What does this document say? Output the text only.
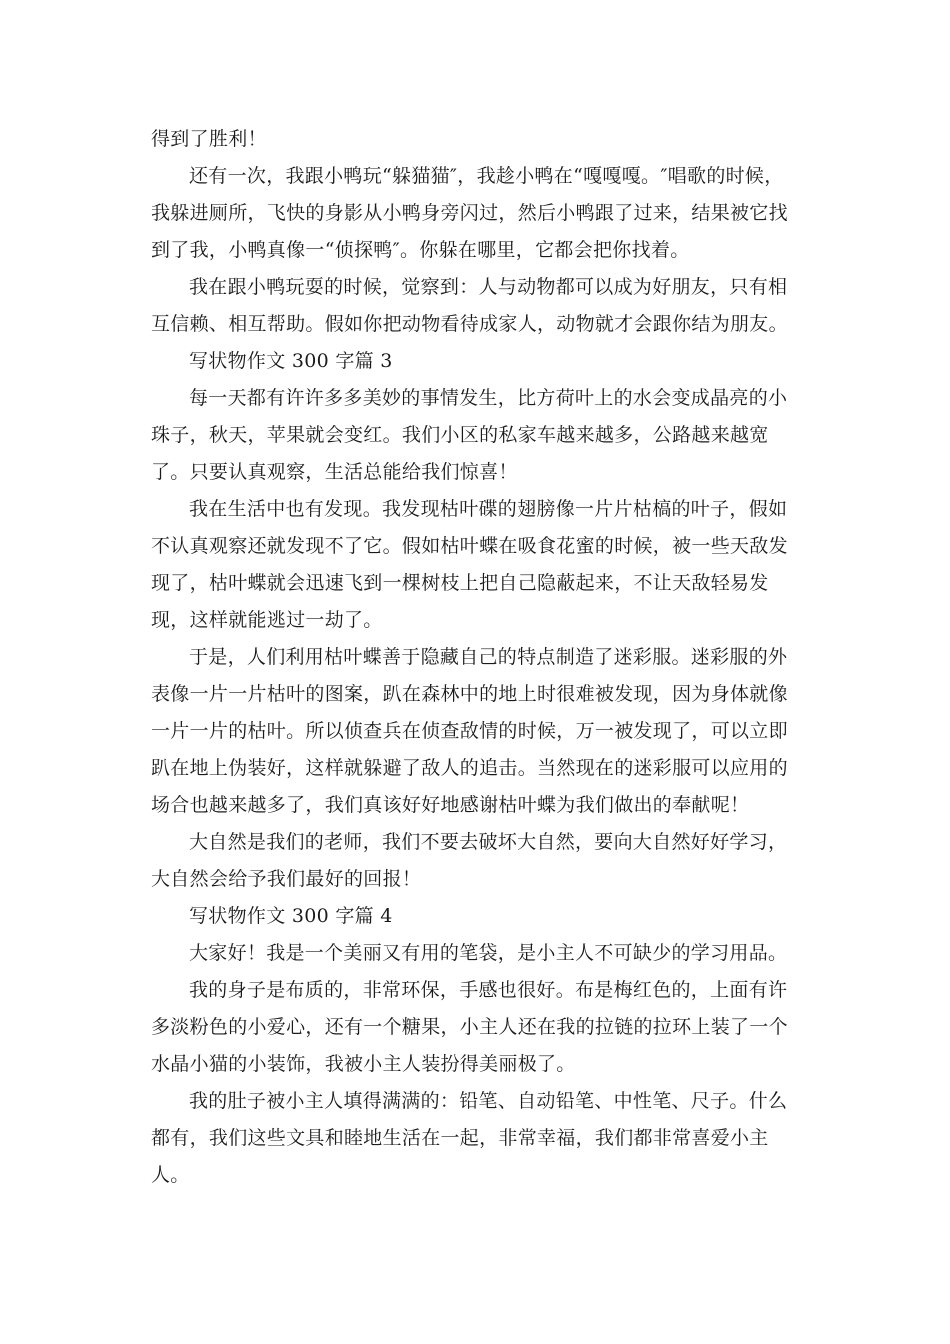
得到了胜利！

还有一次，我跟小鸭玩“躲猫猫″，我趁小鸭在“嘎嘎嘎。″唱歌的时候，

我躲进厕所，飞快的身影从小鸭身旁闪过，然后小鸭跟了过来，结果被它找

到了我，小鸭真像一“侦探鸭″。你躲在哪里，它都会把你找着。

我在跟小鸭玩耍的时候，觉察到：人与动物都可以成为好朋友，只有相

互信赖、相互帮助。假如你把动物看待成家人，动物就才会跟你结为朋友。

写状物作文 300 字篇 3

每一天都有许许多多美妙的事情发生，比方荷叶上的水会变成晶亮的小

珠子，秋天，苹果就会变红。我们小区的私家车越来越多，公路越来越宽

了。只要认真观察，生活总能给我们惊喜！

我在生活中也有发现。我发现枯叶碟的翅膀像一片片枯槁的叶子，假如

不认真观察还就发现不了它。假如枯叶蝶在吸食花蜜的时候，被一些天敌发

现了，枯叶蝶就会迅速飞到一棵树枝上把自己隐蔽起来，不让天敌轻易发

现，这样就能逃过一劫了。

于是，人们利用枯叶蝶善于隐藏自己的特点制造了迷彩服。迷彩服的外

表像一片一片枯叶的图案，趴在森林中的地上时很难被发现，因为身体就像

一片一片的枯叶。所以侦查兵在侦查敌情的时候，万一被发现了，可以立即

趴在地上伪装好，这样就躲避了敌人的追击。当然现在的迷彩服可以应用的

场合也越来越多了，我们真该好好地感谢枯叶蝶为我们做出的奉献呢！

大自然是我们的老师，我们不要去破坏大自然，要向大自然好好学习，

大自然会给予我们最好的回报！

写状物作文 300 字篇 4

大家好！我是一个美丽又有用的笔袋，是小主人不可缺少的学习用品。

我的身子是布质的，非常环保，手感也很好。布是梅红色的，上面有许

多淡粉色的小爱心，还有一个糖果，小主人还在我的拉链的拉环上装了一个

水晶小猫的小装饰，我被小主人装扮得美丽极了。

我的肚子被小主人填得满满的：铅笔、自动铅笔、中性笔、尺子。什么

都有，我们这些文具和睦地生活在一起，非常幸福，我们都非常喜爱小主

人。
